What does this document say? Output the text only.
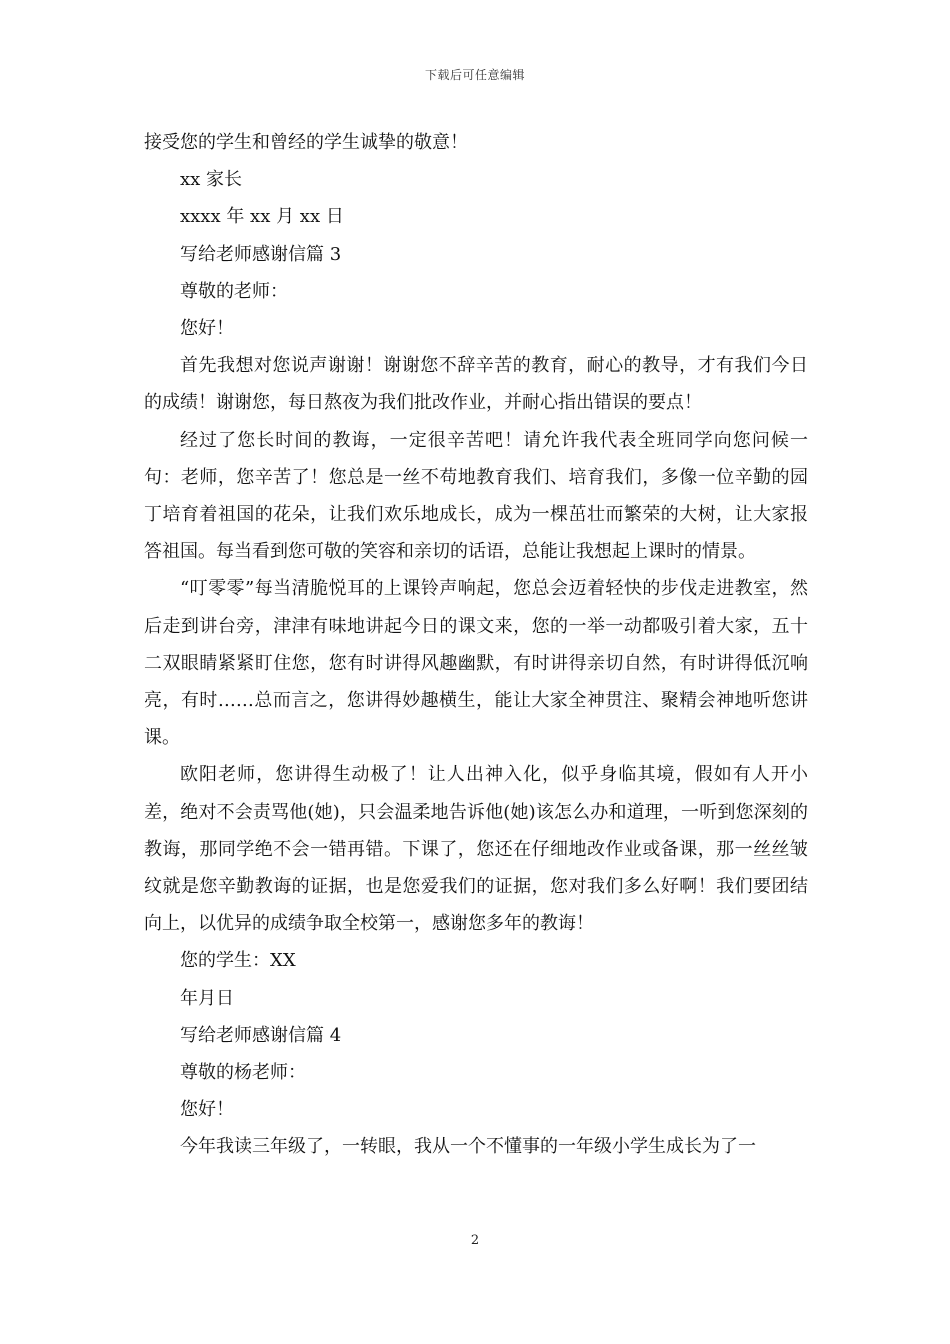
下载后可任意编辑

接受您的学生和曾经的学生诚挚的敬意！

xx 家长

xxxx 年 xx 月 xx 日

写给老师感谢信篇 3

尊敬的老师：

您好！

首先我想对您说声谢谢！谢谢您不辞辛苦的教育，耐心的教导，才有我们今日的成绩！谢谢您，每日熬夜为我们批改作业，并耐心指出错误的要点！

经过了您长时间的教诲，一定很辛苦吧！请允许我代表全班同学向您问候一句：老师，您辛苦了！您总是一丝不苟地教育我们、培育我们，多像一位辛勤的园丁培育着祖国的花朵，让我们欢乐地成长，成为一棵茁壮而繁荣的大树，让大家报答祖国。每当看到您可敬的笑容和亲切的话语，总能让我想起上课时的情景。

“叮零零”每当清脆悦耳的上课铃声响起，您总会迈着轻快的步伐走进教室，然后走到讲台旁，津津有味地讲起今日的课文来，您的一举一动都吸引着大家，五十二双眼睛紧紧盯住您，您有时讲得风趣幽默，有时讲得亲切自然，有时讲得低沉响亮，有时……总而言之，您讲得妙趣横生，能让大家全神贯注、聚精会神地听您讲课。

欧阳老师，您讲得生动极了！让人出神入化，似乎身临其境，假如有人开小差，绝对不会责骂他(她)，只会温柔地告诉他(她)该怎么办和道理，一听到您深刻的教诲，那同学绝不会一错再错。下课了，您还在仔细地改作业或备课，那一丝丝皱纹就是您辛勤教诲的证据，也是您爱我们的证据，您对我们多么好啊！我们要团结向上，以优异的成绩争取全校第一，感谢您多年的教诲！

您的学生：XX

年月日

写给老师感谢信篇 4

尊敬的杨老师：

您好！

今年我读三年级了，一转眼，我从一个不懂事的一年级小学生成长为了一

2
